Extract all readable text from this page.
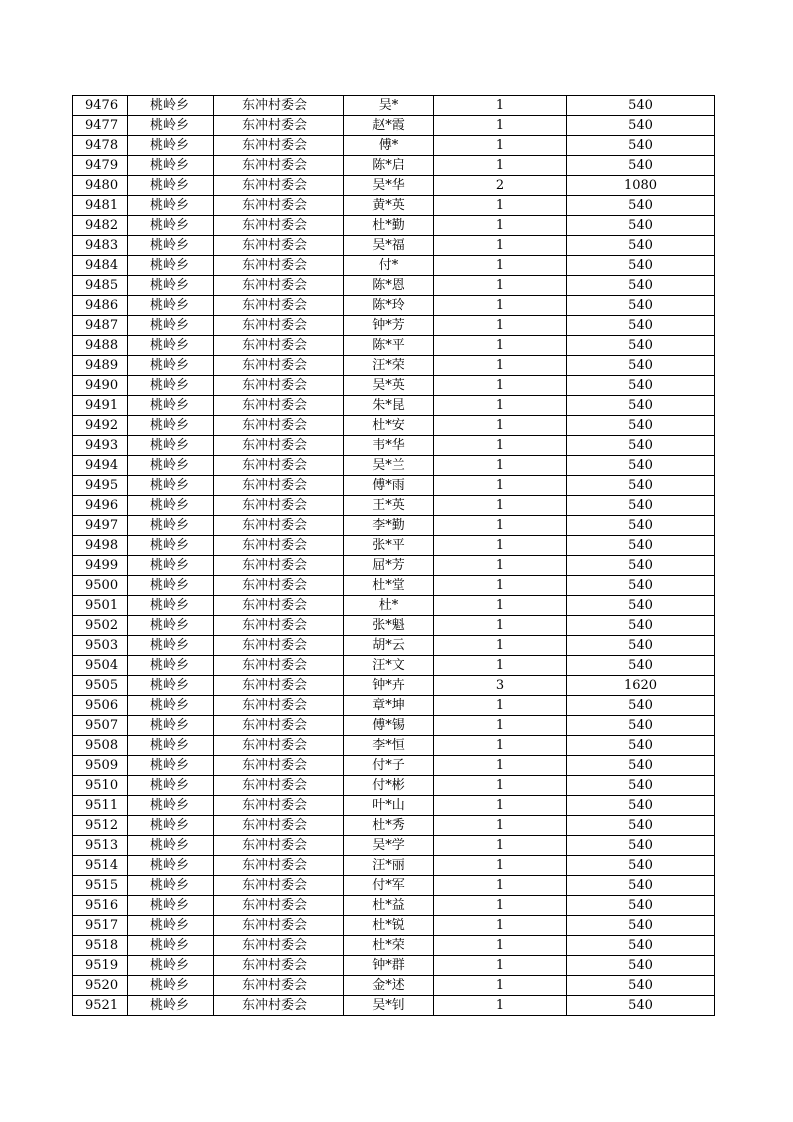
9476	桃岭乡	东冲村委会	吴*	1	540
9477	桃岭乡	东冲村委会	赵*霞	1	540
9478	桃岭乡	东冲村委会	傅*	1	540
9479	桃岭乡	东冲村委会	陈*启	1	540
9480	桃岭乡	东冲村委会	吴*华	2	1080
9481	桃岭乡	东冲村委会	黄*英	1	540
9482	桃岭乡	东冲村委会	杜*勤	1	540
9483	桃岭乡	东冲村委会	吴*福	1	540
9484	桃岭乡	东冲村委会	付*	1	540
9485	桃岭乡	东冲村委会	陈*恩	1	540
9486	桃岭乡	东冲村委会	陈*玲	1	540
9487	桃岭乡	东冲村委会	钟*芳	1	540
9488	桃岭乡	东冲村委会	陈*平	1	540
9489	桃岭乡	东冲村委会	汪*荣	1	540
9490	桃岭乡	东冲村委会	吴*英	1	540
9491	桃岭乡	东冲村委会	朱*昆	1	540
9492	桃岭乡	东冲村委会	杜*安	1	540
9493	桃岭乡	东冲村委会	韦*华	1	540
9494	桃岭乡	东冲村委会	吴*兰	1	540
9495	桃岭乡	东冲村委会	傅*雨	1	540
9496	桃岭乡	东冲村委会	王*英	1	540
9497	桃岭乡	东冲村委会	李*勤	1	540
9498	桃岭乡	东冲村委会	张*平	1	540
9499	桃岭乡	东冲村委会	屈*芳	1	540
9500	桃岭乡	东冲村委会	杜*堂	1	540
9501	桃岭乡	东冲村委会	杜*	1	540
9502	桃岭乡	东冲村委会	张*魁	1	540
9503	桃岭乡	东冲村委会	胡*云	1	540
9504	桃岭乡	东冲村委会	汪*文	1	540
9505	桃岭乡	东冲村委会	钟*卉	3	1620
9506	桃岭乡	东冲村委会	章*坤	1	540
9507	桃岭乡	东冲村委会	傅*锡	1	540
9508	桃岭乡	东冲村委会	李*恒	1	540
9509	桃岭乡	东冲村委会	付*子	1	540
9510	桃岭乡	东冲村委会	付*彬	1	540
9511	桃岭乡	东冲村委会	叶*山	1	540
9512	桃岭乡	东冲村委会	杜*秀	1	540
9513	桃岭乡	东冲村委会	吴*学	1	540
9514	桃岭乡	东冲村委会	汪*丽	1	540
9515	桃岭乡	东冲村委会	付*军	1	540
9516	桃岭乡	东冲村委会	杜*益	1	540
9517	桃岭乡	东冲村委会	杜*锐	1	540
9518	桃岭乡	东冲村委会	杜*荣	1	540
9519	桃岭乡	东冲村委会	钟*群	1	540
9520	桃岭乡	东冲村委会	金*述	1	540
9521	桃岭乡	东冲村委会	吴*钊	1	540
